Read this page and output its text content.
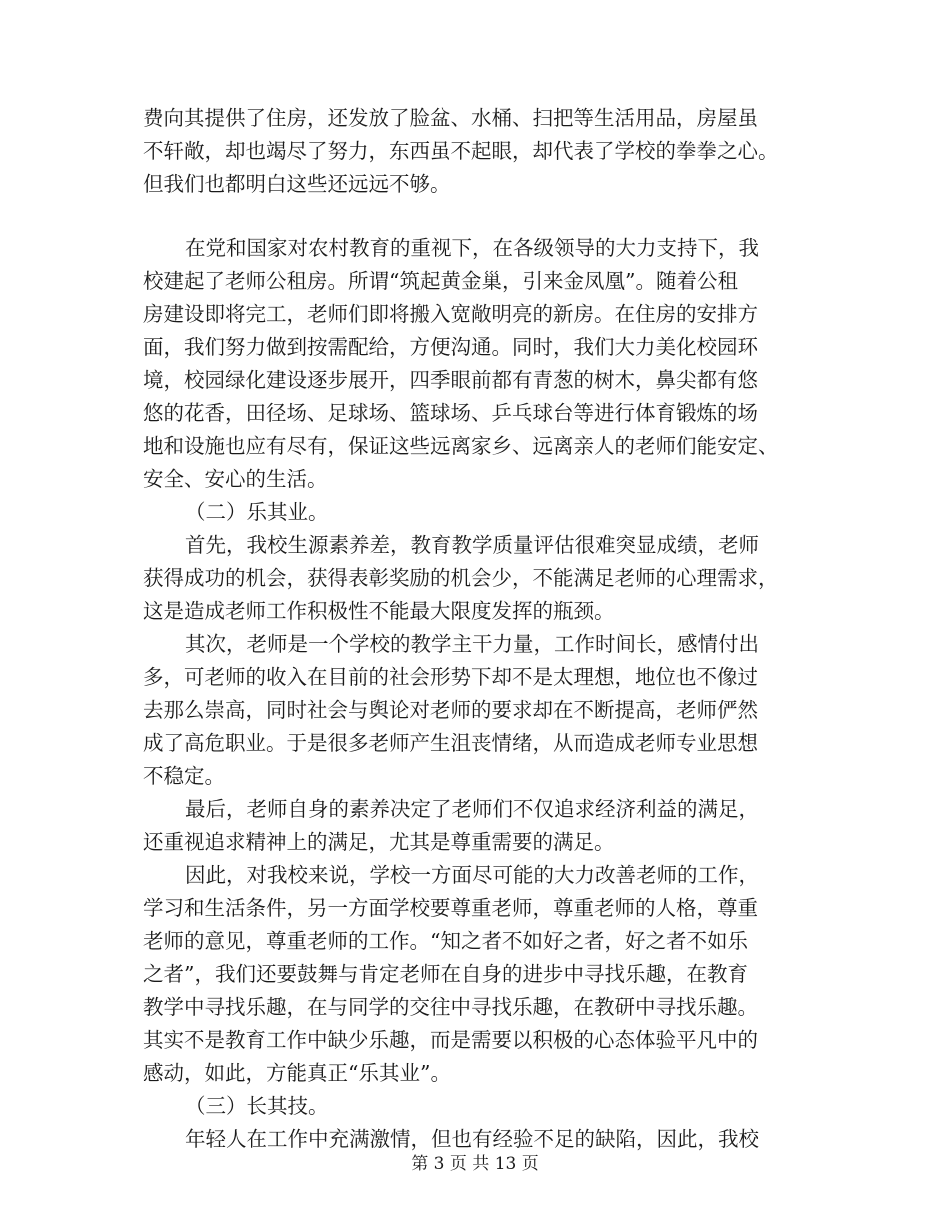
费向其提供了住房，还发放了脸盆、水桶、扫把等生活用品，房屋虽
不轩敞，却也竭尽了努力，东西虽不起眼，却代表了学校的拳拳之心。
但我们也都明白这些还远远不够。
在党和国家对农村教育的重视下，在各级领导的大力支持下，我
校建起了老师公租房。所谓“筑起黄金巢，引来金凤凰”。随着公租
房建设即将完工，老师们即将搬入宽敞明亮的新房。在住房的安排方
面，我们努力做到按需配给，方便沟通。同时，我们大力美化校园环
境，校园绿化建设逐步展开，四季眼前都有青葱的树木，鼻尖都有悠
悠的花香，田径场、足球场、篮球场、乒乓球台等进行体育锻炼的场
地和设施也应有尽有，保证这些远离家乡、远离亲人的老师们能安定、
安全、安心的生活。
（二）乐其业。
首先，我校生源素养差，教育教学质量评估很难突显成绩，老师
获得成功的机会，获得表彰奖励的机会少，不能满足老师的心理需求，
这是造成老师工作积极性不能最大限度发挥的瓶颈。
其次，老师是一个学校的教学主干力量，工作时间长，感情付出
多，可老师的收入在目前的社会形势下却不是太理想，地位也不像过
去那么崇高，同时社会与舆论对老师的要求却在不断提高，老师俨然
成了高危职业。于是很多老师产生沮丧情绪，从而造成老师专业思想
不稳定。
最后，老师自身的素养决定了老师们不仅追求经济利益的满足，
还重视追求精神上的满足，尤其是尊重需要的满足。
因此，对我校来说，学校一方面尽可能的大力改善老师的工作，
学习和生活条件，另一方面学校要尊重老师，尊重老师的人格，尊重
老师的意见，尊重老师的工作。“知之者不如好之者，好之者不如乐
之者”，我们还要鼓舞与肯定老师在自身的进步中寻找乐趣，在教育
教学中寻找乐趣，在与同学的交往中寻找乐趣，在教研中寻找乐趣。
其实不是教育工作中缺少乐趣，而是需要以积极的心态体验平凡中的
感动，如此，方能真正“乐其业”。
（三）长其技。
年轻人在工作中充满激情，但也有经验不足的缺陷，因此，我校
第 3 页 共 13 页
